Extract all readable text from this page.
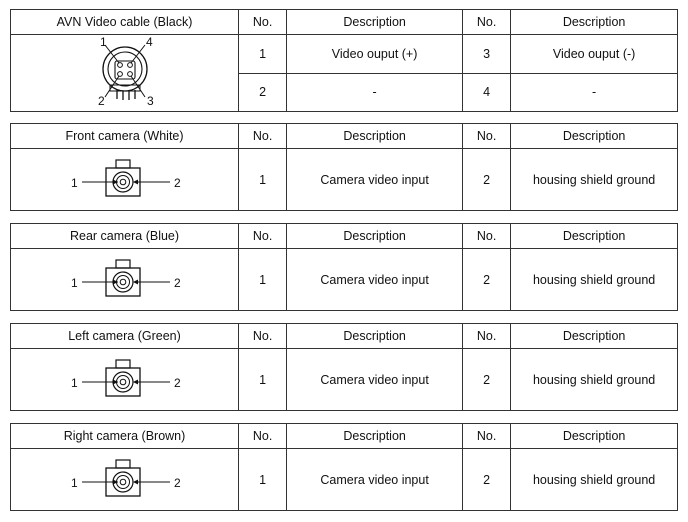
AVN Video cable (Black)	No.	Description	No.	Description

1 4
2 3	1	Video ouput (+)	3	Video ouput (-)
	2	-	4	-
Front camera (White)	No.	Description	No.	Description

1 2	1	Camera video input	2	housing shield ground
Rear camera (Blue)	No.	Description	No.	Description

1 2	1	Camera video input	2	housing shield ground
Left camera (Green)	No.	Description	No.	Description

1 2	1	Camera video input	2	housing shield ground
Right camera (Brown)	No.	Description	No.	Description

1 2	1	Camera video input	2	housing shield ground
